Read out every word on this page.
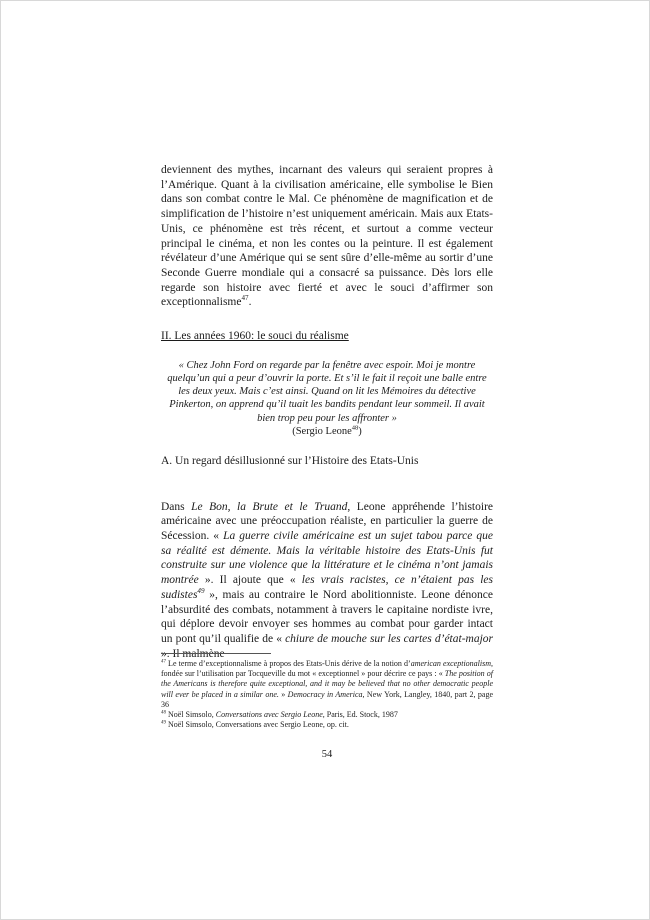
deviennent des mythes, incarnant des valeurs qui seraient propres à l’Amérique. Quant à la civilisation américaine, elle symbolise le Bien dans son combat contre le Mal. Ce phénomène de magnification et de simplification de l’histoire n’est uniquement américain. Mais aux Etats-Unis, ce phénomène est très récent, et surtout a comme vecteur principal le cinéma, et non les contes ou la peinture. Il est également révélateur d’une Amérique qui se sent sûre d’elle-même au sortir d’une Seconde Guerre mondiale qui a consacré sa puissance. Dès lors elle regarde son histoire avec fierté et avec le souci d’affirmer son exceptionnalisme$^{47}$.

II. Les années 1960: le souci du réalisme

« Chez John Ford on regarde par la fenêtre avec espoir. Moi je montre quelqu’un qui a peur d’ouvrir la porte. Et s’il le fait il reçoit une balle entre les deux yeux. Mais c’est ainsi. Quand on lit les Mémoires du détective Pinkerton, on apprend qu’il tuait les bandits pendant leur sommeil. Il avait bien trop peu pour les affronter »

(Sergio Leone$^{48}$)

A. Un regard désillusionné sur l’Histoire des Etats-Unis

Dans Le Bon, la Brute et le Truand, Leone appréhende l’histoire américaine avec une préoccupation réaliste, en particulier la guerre de Sécession. « La guerre civile américaine est un sujet tabou parce que sa réalité est démente. Mais la véritable histoire des Etats-Unis fut construite sur une violence que la littérature et le cinéma n’ont jamais montrée ». Il ajoute que « les vrais racistes, ce n’étaient pas les sudistes$^{49}$ », mais au contraire le Nord abolitionniste. Leone dénonce l’absurdité des combats, notamment à travers le capitaine nordiste ivre, qui déplore devoir envoyer ses hommes au combat pour garder intact un pont qu’il qualifie de « chiure de mouche sur les cartes d’état-major ». Il malmène

$^{47}$ Le terme d’exceptionnalisme à propos des Etats-Unis dérive de la notion d’american exceptionalism, fondée sur l’utilisation par Tocqueville du mot « exceptionnel » pour décrire ce pays : « The position of the Americans is therefore quite exceptional, and it may be believed that no other democratic people will ever be placed in a similar one. » Democracy in America, New York, Langley, 1840, part 2, page 36

$^{48}$ Noël Simsolo, Conversations avec Sergio Leone, Paris, Ed. Stock, 1987

$^{49}$ Noël Simsolo, Conversations avec Sergio Leone, op. cit.

54
